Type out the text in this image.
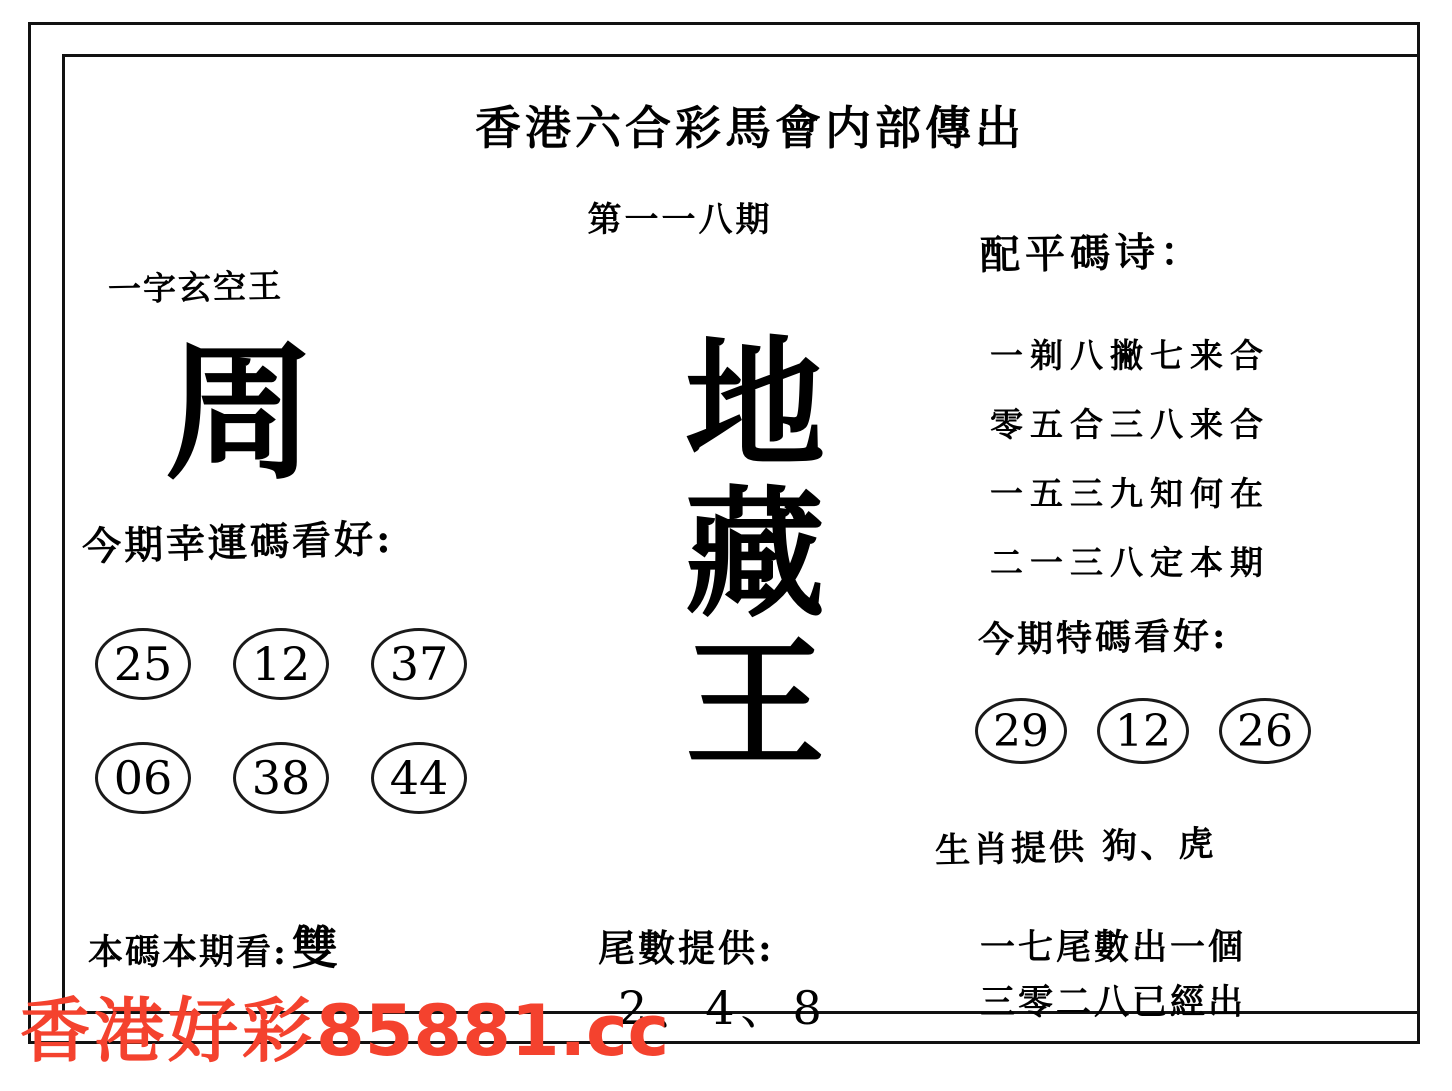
香港六合彩馬會内部傳出
第一一八期
一字玄空王
周
今期幸運碼看好:
25	12	37
06	38	44
本碼本期看:雙
地
藏
王
尾數提供:
2、4、8
配平碼诗：
一剃八撇七来合
零五合三八来合
一五三九知何在
二一三八定本期
今期特碼看好:
29	12	26
生肖提供 狗、虎
一七尾數出一個
三零二八已經出
香港好彩85881.cc
